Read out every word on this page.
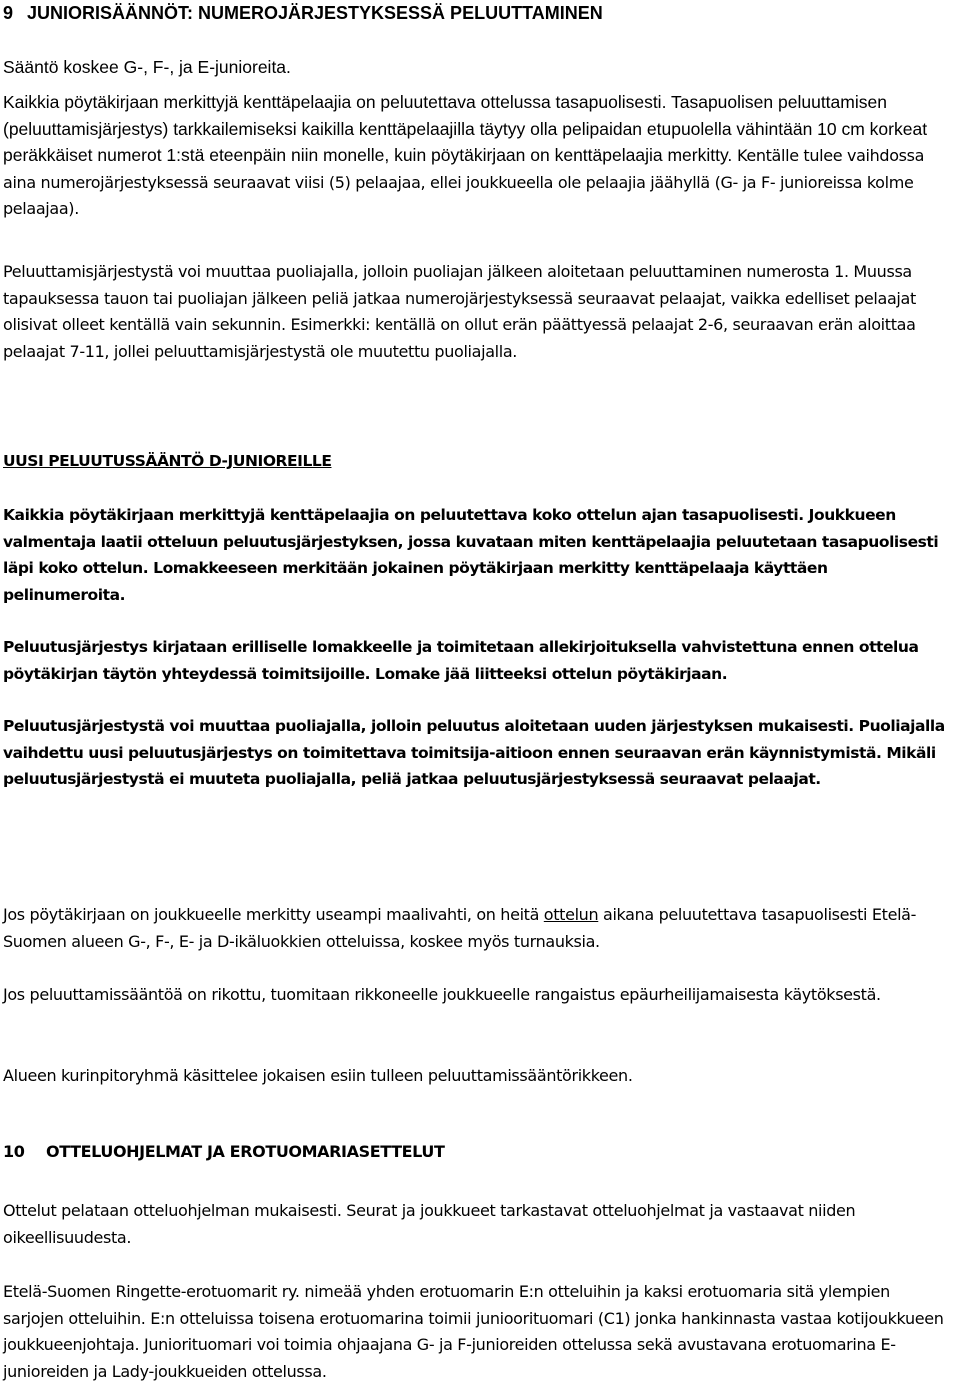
9 JUNIORISÄÄNNÖT: NUMEROJÄRJESTYKSESSÄ PELUUTTAMINEN

Sääntö koskee G-, F-, ja E-junioreita.

Kaikkia pöytäkirjaan merkittyjä kenttäpelaajia on peluutettava ottelussa tasapuolisesti. Tasapuolisen peluuttamisen (peluuttamisjärjestys) tarkkailemiseksi kaikilla kenttäpelaajilla täytyy olla pelipaidan etupuolella vähintään 10 cm korkeat peräkkäiset numerot 1:stä eteenpäin niin monelle, kuin pöytäkirjaan on kenttäpelaajia merkitty. Kentälle tulee vaihdossa aina numerojärjestyksessä seuraavat viisi (5) pelaajaa, ellei joukkueella ole pelaajia jäähyllä (G- ja F- junioreissa kolme pelaajaa).

Peluuttamisjärjestystä voi muuttaa puoliajalla, jolloin puoliajan jälkeen aloitetaan peluuttaminen numerosta 1. Muussa tapauksessa tauon tai puoliajan jälkeen peliä jatkaa numerojärjestyksessä seuraavat pelaajat, vaikka edelliset pelaajat olisivat olleet kentällä vain sekunnin. Esimerkki: kentällä on ollut erän päättyessä pelaajat 2-6, seuraavan erän aloittaa pelaajat 7-11, jollei peluuttamisjärjestystä ole muutettu puoliajalla.

UUSI PELUUTUSSÄÄNTÖ D-JUNIOREILLE

Kaikkia pöytäkirjaan merkittyjä kenttäpelaajia on peluutettava koko ottelun ajan tasapuolisesti. Joukkueen valmentaja laatii otteluun peluutusjärjestyksen, jossa kuvataan miten kenttäpelaajia peluutetaan tasapuolisesti läpi koko ottelun. Lomakkeeseen merkitään jokainen pöytäkirjaan merkitty kenttäpelaaja käyttäen pelinumeroita.

Peluutusjärjestys kirjataan erilliselle lomakkeelle ja toimitetaan allekirjoituksella vahvistettuna ennen ottelua pöytäkirjan täytön yhteydessä toimitsijoille. Lomake jää liitteeksi ottelun pöytäkirjaan.

Peluutusjärjestystä voi muuttaa puoliajalla, jolloin peluutus aloitetaan uuden järjestyksen mukaisesti. Puoliajalla vaihdettu uusi peluutusjärjestys on toimitettava toimitsija-aitioon ennen seuraavan erän käynnistymistä. Mikäli peluutusjärjestystä ei muuteta puoliajalla, peliä jatkaa peluutusjärjestyksessä seuraavat pelaajat.

Jos pöytäkirjaan on joukkueelle merkitty useampi maalivahti, on heitä ottelun aikana peluutettava tasapuolisesti Etelä-Suomen alueen G-, F-, E- ja D-ikäluokkien otteluissa, koskee myös turnauksia.

Jos peluuttamissääntöä on rikottu, tuomitaan rikkoneelle joukkueelle rangaistus epäurheilijamaisesta käytöksestä.

Alueen kurinpitoryhmä käsittelee jokaisen esiin tulleen peluuttamissääntörikkeen.

10 OTTELUOHJELMAT JA EROTUOMARIASETTELUT

Ottelut pelataan otteluohjelman mukaisesti. Seurat ja joukkueet tarkastavat otteluohjelmat ja vastaavat niiden oikeellisuudesta.

Etelä-Suomen Ringette-erotuomarit ry. nimeää yhden erotuomarin E:n otteluihin ja kaksi erotuomaria sitä ylempien sarjojen otteluihin. E:n otteluissa toisena erotuomarina toimii junioorituomari (C1) jonka hankinnasta vastaa kotijoukkueen joukkueenjohtaja. Juniorituomari voi toimia ohjaajana G- ja F-junioreiden ottelussa sekä avustavana erotuomarina E-junioreiden ja Lady-joukkueiden ottelussa.
